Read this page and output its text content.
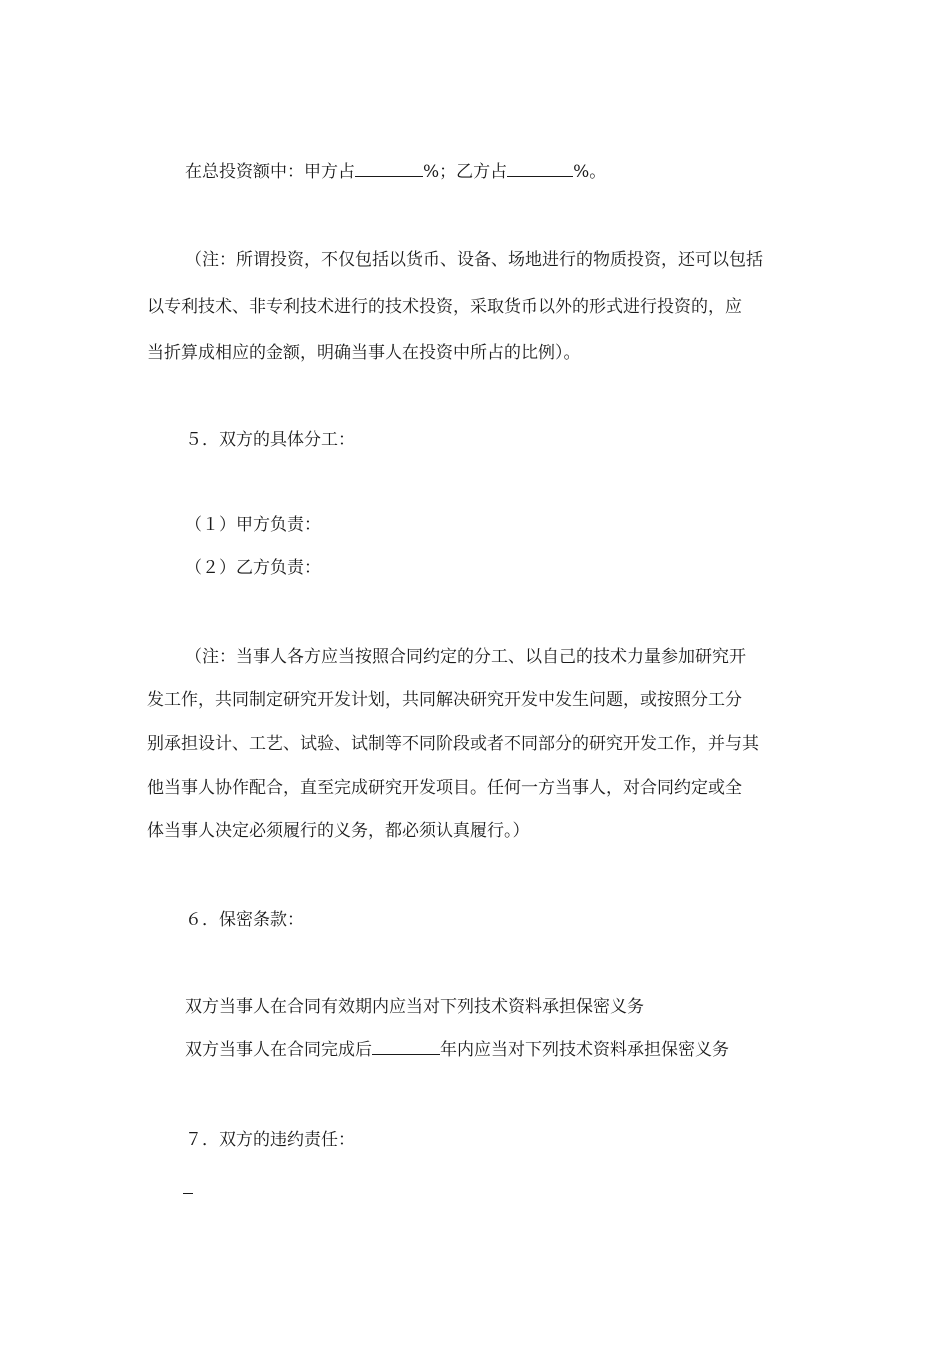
在总投资额中：甲方占	%；乙方占	%。
（注：所谓投资，不仅包括以货币、设备、场地进行的物质投资，还可以包括
以专利技术、非专利技术进行的技术投资，采取货币以外的形式进行投资的，应
当折算成相应的金额，明确当事人在投资中所占的比例）。
５．双方的具体分工：
（１）甲方负责：
（２）乙方负责：
（注：当事人各方应当按照合同约定的分工、以自己的技术力量参加研究开
发工作，共同制定研究开发计划，共同解决研究开发中发生问题，或按照分工分
别承担设计、工艺、试验、试制等不同阶段或者不同部分的研究开发工作，并与其
他当事人协作配合，直至完成研究开发项目。任何一方当事人，对合同约定或全
体当事人决定必须履行的义务，都必须认真履行。）
６．保密条款：
双方当事人在合同有效期内应当对下列技术资料承担保密义务
双方当事人在合同完成后	年内应当对下列技术资料承担保密义务
７．双方的违约责任：
